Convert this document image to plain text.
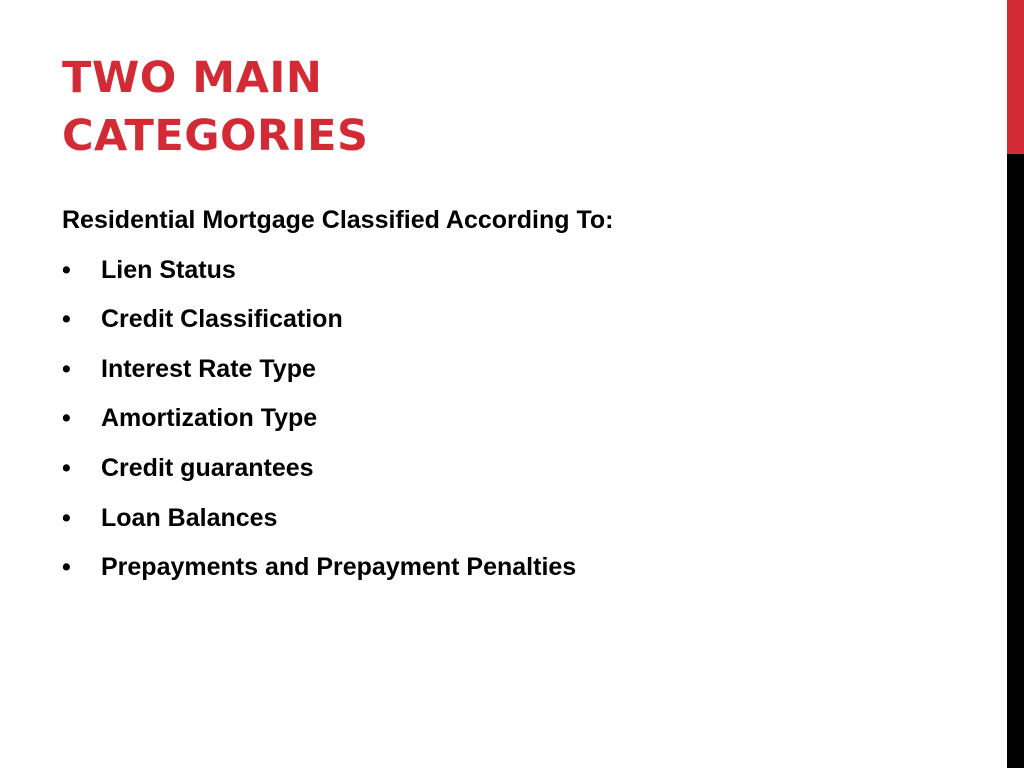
TWO MAIN
CATEGORIES

Residential Mortgage Classified According To:

• Lien Status
• Credit Classification
• Interest Rate Type
• Amortization Type
• Credit guarantees
• Loan Balances
• Prepayments and Prepayment Penalties
